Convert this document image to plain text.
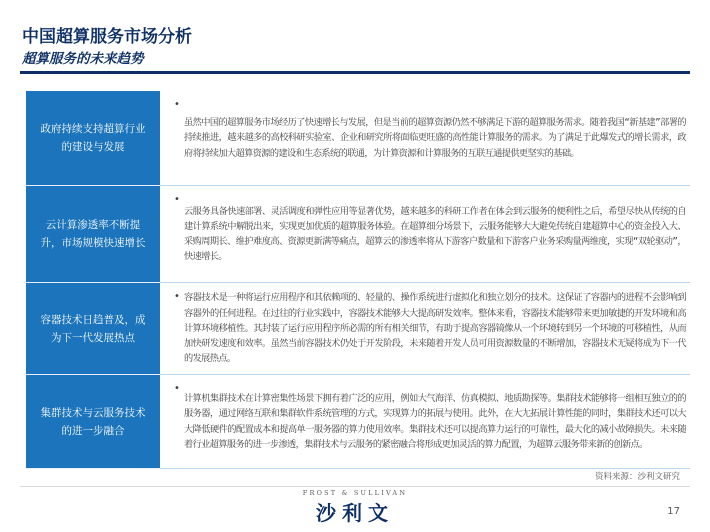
中国超算服务市场分析
超算服务的未来趋势
政府持续支持超算行业的建设与发展
•
虽然中国的超算服务市场经历了快速增长与发展，但是当前的超算资源仍然不够满足下游的超算服务需求。随着我国“新基建”部署的持续推进，越来越多的高校科研实验室、企业和研究所将面临更旺盛的高性能计算服务的需求。为了满足于此爆发式的增长需求，政府将持续加大超算资源的建设和生态系统的联通，为计算资源和计算服务的互联互通提供更坚实的基础。
云计算渗透率不断提升，市场规模快速增长
•
云服务具备快速部署、灵活调度和弹性应用等显著优势，越来越多的科研工作者在体会到云服务的便利性之后，希望尽快从传统的自建计算系统中解脱出来，实现更加优质的超算服务体验。在超算细分场景下，云服务能够大大避免传统自建超算中心的资金投入大、采购周期长、维护难度高、资源更新满等痛点，超算云的渗透率将从下游客户数量和下游客户业务采购量两维度，实现“双轮驱动”，快速增长。
容器技术日趋普及，成为下一代发展热点
• 容器技术是一种将运行应用程序和其依赖项的、轻量的、操作系统进行虚拟化和独立划分的技术。这保证了容器内的进程不会影响到容器外的任何进程。在过往的行业实践中，容器技术能够大大提高研发效率。整体来看，容器技术能够带来更加敏捷的开发环境和高计算环境移植性。其封装了运行应用程序所必需的所有相关细节，有助于提高容器镜像从一个环境转到另一个环境的可移植性，从而加快研发速度和效率。虽然当前容器技术仍处于开发阶段，未来随着开发人员可用资源数量的不断增加，容器技术无疑将成为下一代的发展热点。
集群技术与云服务技术的进一步融合
•
计算机集群技术在计算密集性场景下拥有着广泛的应用，例如大气海洋、仿真模拟、地质勘探等。集群技术能够将一组相互独立的的服务器，通过网络互联和集群软件系统管理的方式，实现算力的拓展与使用。此外，在大尢拓展计算性能的同时，集群技术还可以大大降低硬件的配置成本和提高单一服务器的算力使用效率。集群技术还可以提高算力运行的可靠性，最大化的减小故障损失。未来随着行业超算服务的进一步渗透，集群技术与云服务的紧密融合将形成更加灵活的算力配置，为超算云服务带来新的创新点。
资料来源：沙利文研究
FROST & SULLIVAN
沙利文	17
